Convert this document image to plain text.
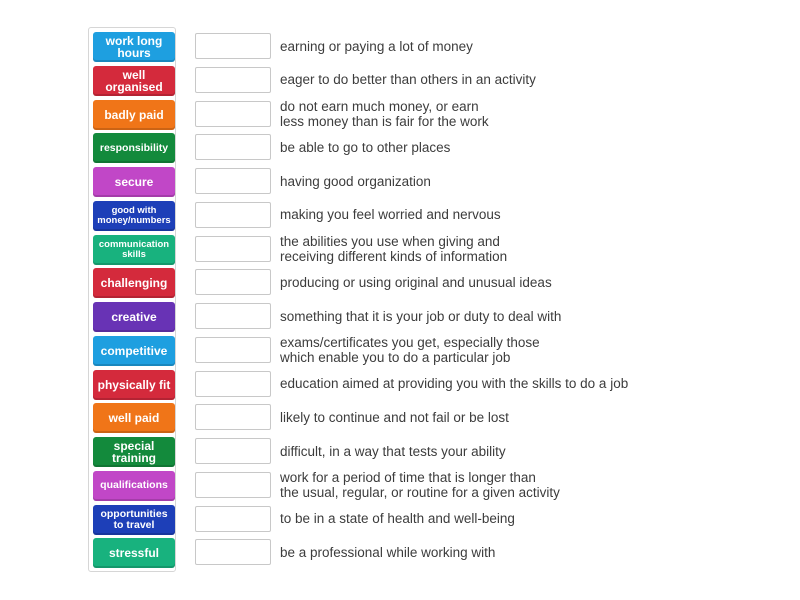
work long hours
well organised
badly paid
responsibility
secure
good with money/numbers
communication skills
challenging
creative
competitive
physically fit
well paid
special training
qualifications
opportunities to travel
stressful
earning or paying a lot of money
eager to do better than others in an activity
do not earn much money, or earn
less money than is fair for the work
be able to go to other places
having good organization
making you feel worried and nervous
the abilities you use when giving and
receiving different kinds of information
producing or using original and unusual ideas
something that it is your job or duty to deal with
exams/certificates you get, especially those
which enable you to do a particular job
education aimed at providing you with the skills to do a job
likely to continue and not fail or be lost
difficult, in a way that tests your ability
work for a period of time that is longer than
the usual, regular, or routine for a given activity
to be in a state of health and well-being
be a professional while working with
